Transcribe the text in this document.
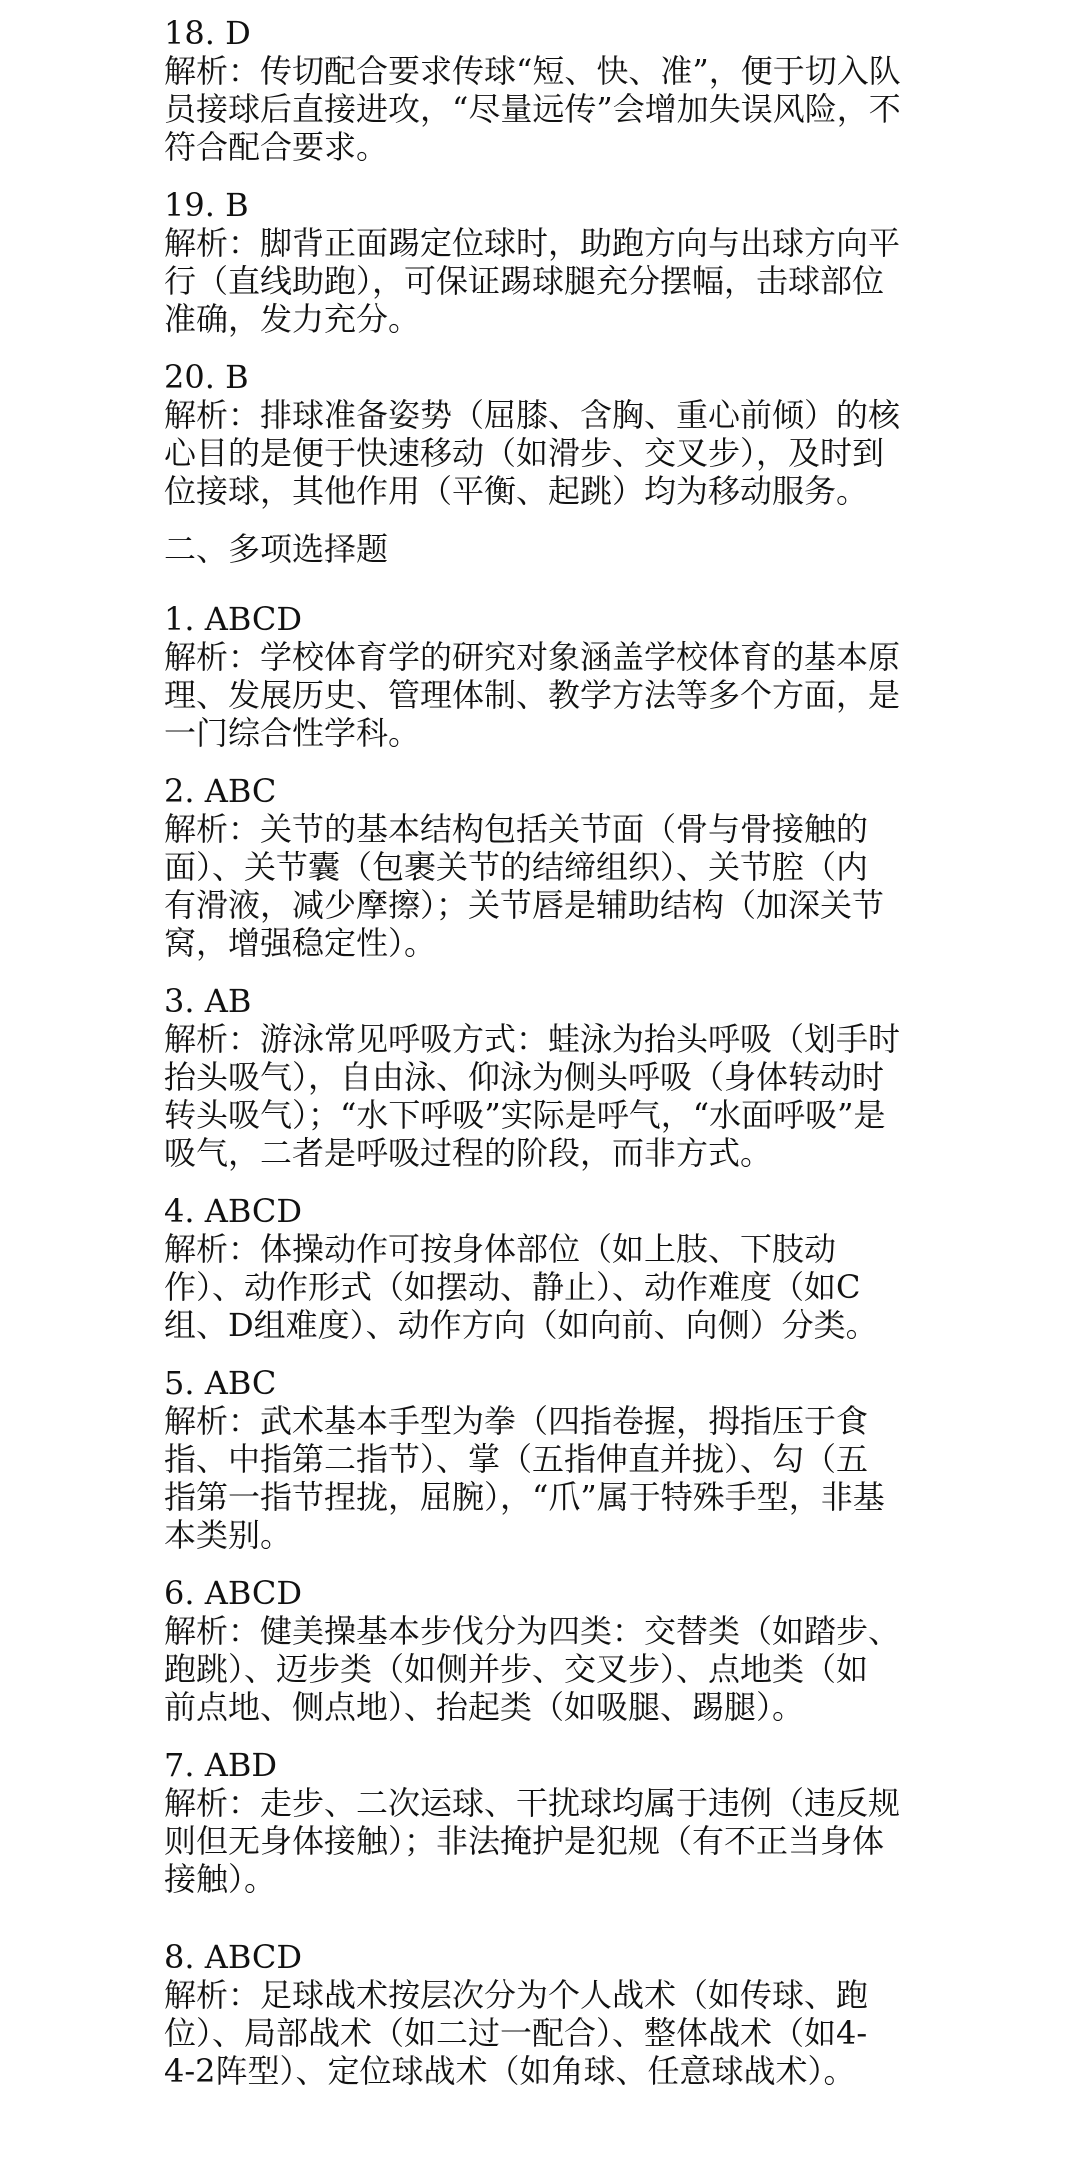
18. D
解析：传切配合要求传球“短、快、准”，便于切入队
员接球后直接进攻，“尽量远传”会增加失误风险，不
符合配合要求。
19. B
解析：脚背正面踢定位球时，助跑方向与出球方向平
行（直线助跑），可保证踢球腿充分摆幅，击球部位
准确，发力充分。
20. B
解析：排球准备姿势（屈膝、含胸、重心前倾）的核
心目的是便于快速移动（如滑步、交叉步），及时到
位接球，其他作用（平衡、起跳）均为移动服务。
二、多项选择题
1. ABCD
解析：学校体育学的研究对象涵盖学校体育的基本原
理、发展历史、管理体制、教学方法等多个方面，是
一门综合性学科。
2. ABC
解析：关节的基本结构包括关节面（骨与骨接触的
面）、关节囊（包裹关节的结缔组织）、关节腔（内
有滑液，减少摩擦）；关节唇是辅助结构（加深关节
窝，增强稳定性）。
3. AB
解析：游泳常见呼吸方式：蛙泳为抬头呼吸（划手时
抬头吸气），自由泳、仰泳为侧头呼吸（身体转动时
转头吸气）；“水下呼吸”实际是呼气，“水面呼吸”是
吸气，二者是呼吸过程的阶段，而非方式。
4. ABCD
解析：体操动作可按身体部位（如上肢、下肢动
作）、动作形式（如摆动、静止）、动作难度（如C
组、D组难度）、动作方向（如向前、向侧）分类。
5. ABC
解析：武术基本手型为拳（四指卷握，拇指压于食
指、中指第二指节）、掌（五指伸直并拢）、勾（五
指第一指节捏拢，屈腕），“爪”属于特殊手型，非基
本类别。
6. ABCD
解析：健美操基本步伐分为四类：交替类（如踏步、
跑跳）、迈步类（如侧并步、交叉步）、点地类（如
前点地、侧点地）、抬起类（如吸腿、踢腿）。
7. ABD
解析：走步、二次运球、干扰球均属于违例（违反规
则但无身体接触）；非法掩护是犯规（有不正当身体
接触）。
8. ABCD
解析：足球战术按层次分为个人战术（如传球、跑
位）、局部战术（如二过一配合）、整体战术（如4-
4-2阵型）、定位球战术（如角球、任意球战术）。
